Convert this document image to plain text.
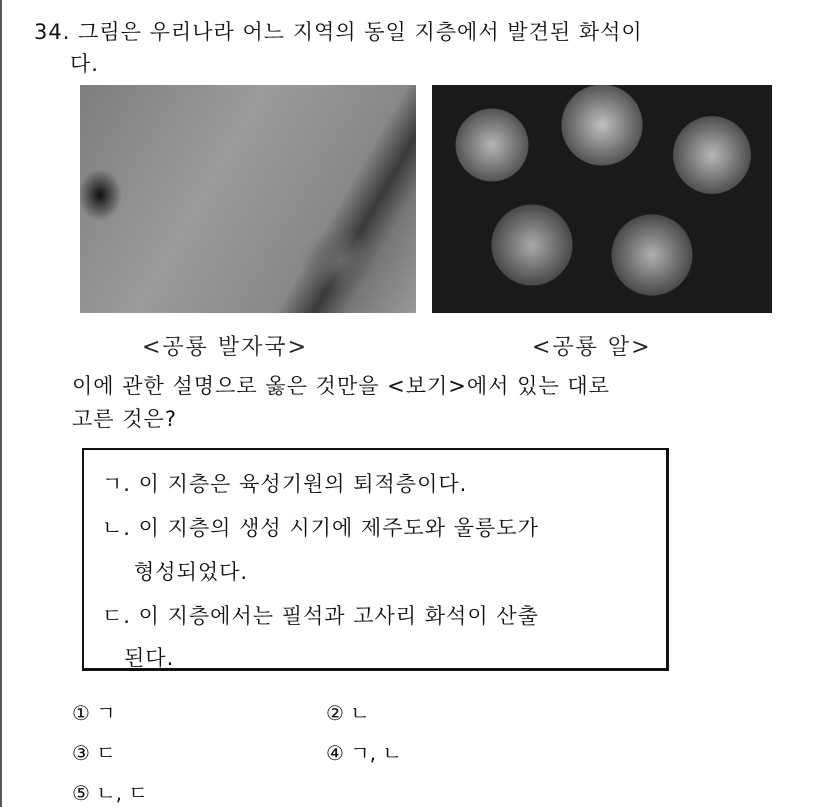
34. 그림은 우리나라 어느 지역의 동일 지층에서 발견된 화석이
다.
<공룡 발자국>	<공룡 알>
이에 관한 설명으로 옳은 것만을 <보기>에서 있는 대로
고른 것은?
ㄱ. 이 지층은 육성기원의 퇴적층이다.
ㄴ. 이 지층의 생성 시기에 제주도와 울릉도가
형성되었다.
ㄷ. 이 지층에서는 필석과 고사리 화석이 산출
된다.
① ㄱ	② ㄴ
③ ㄷ	④ ㄱ, ㄴ
⑤ ㄴ, ㄷ
